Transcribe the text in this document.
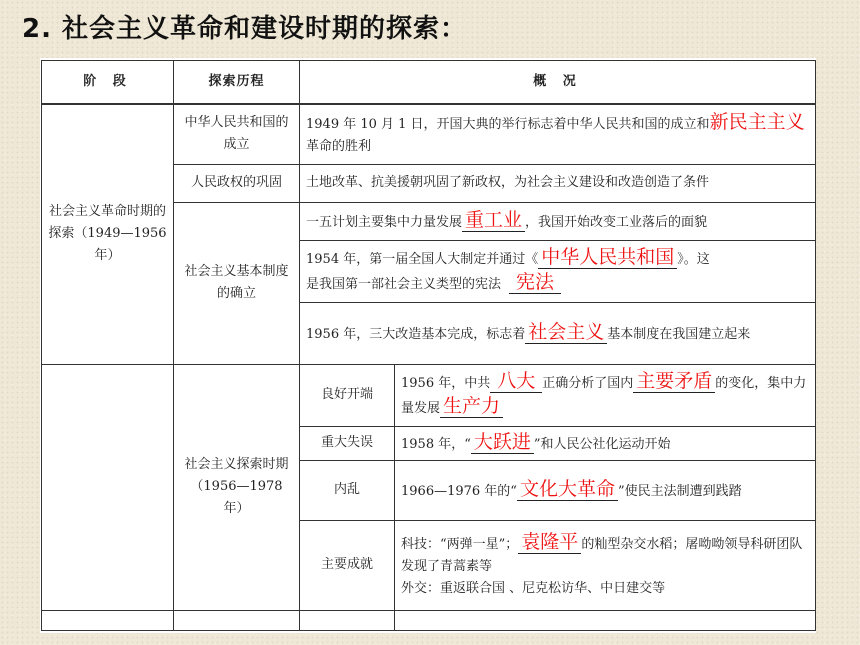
2. 社会主义革命和建设时期的探索：
阶 段	探索历程	概 况	
社会主义革命时期的探索（1949—1956 年）	中华人民共和国的成立	1949 年 10 月 1 日，开国大典的举行标志着中华人民共和国的成立和新民主主义革命的胜利	
	人民政权的巩固	土地改革、抗美援朝巩固了新政权，为社会主义建设和改造创造了条件	
	社会主义基本制度的确立	一五计划主要集中力量发展 重工业 ，我国开始改变工业落后的面貌	
		1954 年，第一届全国人大制定并通过《 中华人民共和国 》。这
是我国第一部社会主义类型的宪法 宪法	
		1956 年，三大改造基本完成，标志着 社会主义 基本制度在我国建立起来	
	社会主义探索时期（1956—1978 年）	良好开端	1956 年，中共 八大 正确分析了国内 主要矛盾 的变化，集中力量发展 生产力
		重大失误	1958 年，“ 大跃进 ”和人民公社化运动开始
		内乱	1966—1976 年的“ 文化大革命 ”使民主法制遭到践踏
		主要成就	科技：“两弹一星”； 袁隆平 的籼型杂交水稻；屠呦呦领导科研团队发现了青蒿素等
外交：重返联合国 、尼克松访华、中日建交等
